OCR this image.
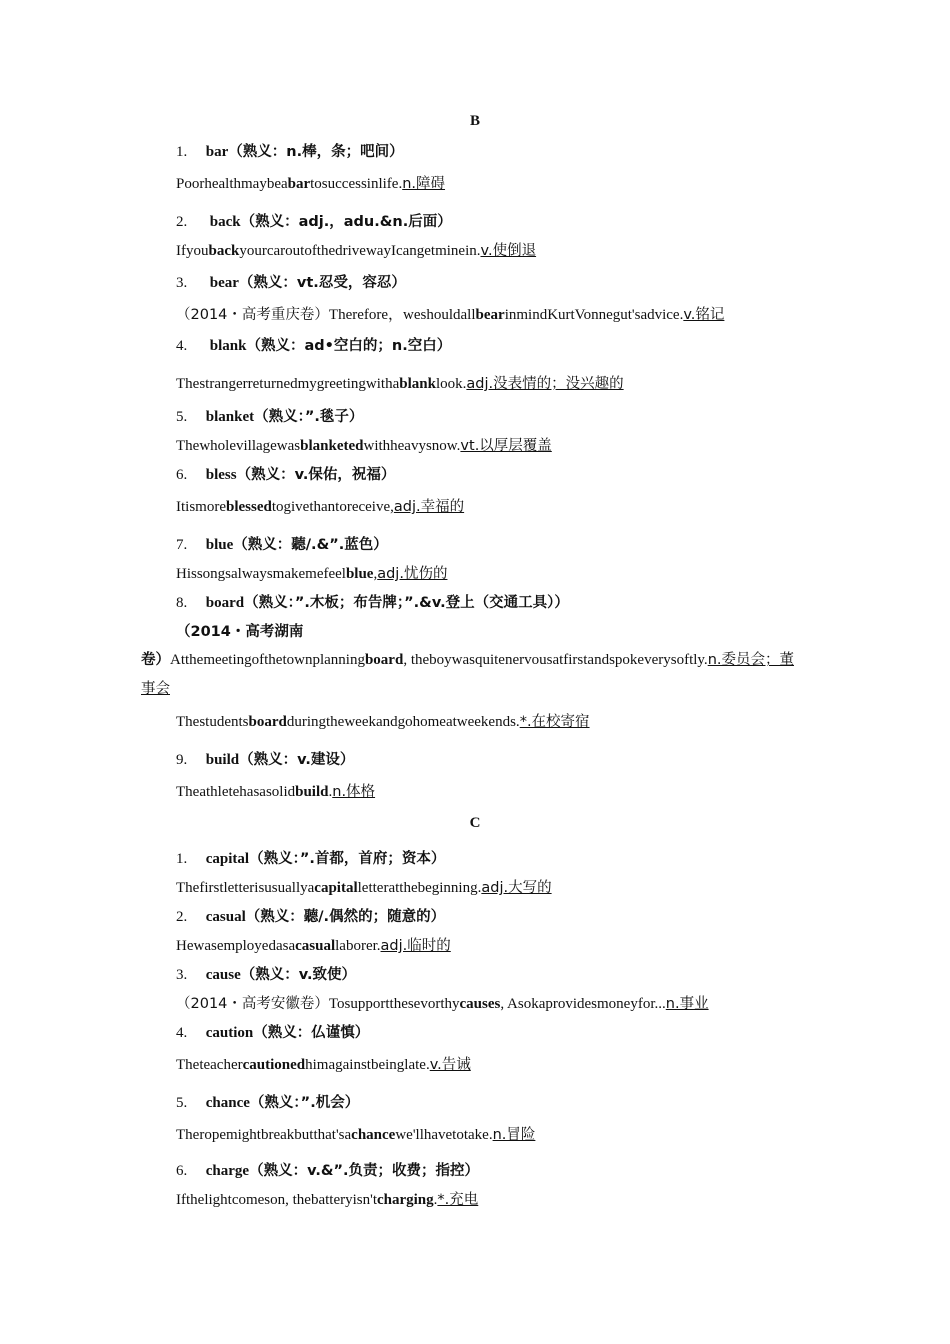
B
1. bar（熟义：n.棒，条；吧间）
Poorhealthmaybeabartosuccessinlife.n.障碍
2. back（熟义：adj.，adu.&n.后面）
IfyoubackyourcaroutofthedrivewayIcangetminein.v.使倒退
3. bear（熟义：vt.忍受，容忍）
（2014・高考重庆卷）Therefore，weshouldallbearinmindKurtVonnegut'sadvice.v.铭记
4. blank（熟义：ad•空白的；n.空白）
Thestrangerreturnedmygreetingwithablanklook.adj.没表情的；没兴趣的
5. blanket（熟义：”.毯子）
Thewholevillagewasblanketedwithheavysnow.vt.以厚层覆盖
6. bless（熟义：v.保佑，祝福）
Itismoreblessedtogivethantoreceive,adj.幸福的
7. blue（熟义：聽/.&”.蓝色）
Hissongsalwaysmakemefeelblue,adj.忧伤的
8. board（熟义：”.木板；布告牌；”.&v.登上（交通工具））
（2014・高考湖南
卷）Atthemeetingofthetownplanningboard, theboywasquitenervousatfirstandspokeverysoftly.n.委员会；董事会
Thestudentsboardduringtheweekandgohomeatweekends.*.在校寄宿
9. build（熟义：v.建设）
Theathletehasasolidbuild.n.体格
C
1. capital（熟义：”.首都，首府；资本）
Thefirstletterisusuallyacapitalletteratthebeginning.adj.大写的
2. casual（熟义：聽/.偶然的；随意的）
Hewasemployedasacasuallaborer.adj.临时的
3. cause（熟义：v.致使）
（2014・高考安徽卷）Tosupportthesevorthycauses, Asokaprovidesmoneyfor...n.事业
4. caution（熟义：仏谨慎）
Theteachercautionedhimagainstbeinglate.v.告诫
5. chance（熟义：”.机会）
Theropemightbreakbutthat'sachancewe'llhavetotake.n.冒险
6. charge（熟义：v.&”.负责；收费；指控）
Ifthelightcomeson, thebatteryisn'tcharging.*.充电
